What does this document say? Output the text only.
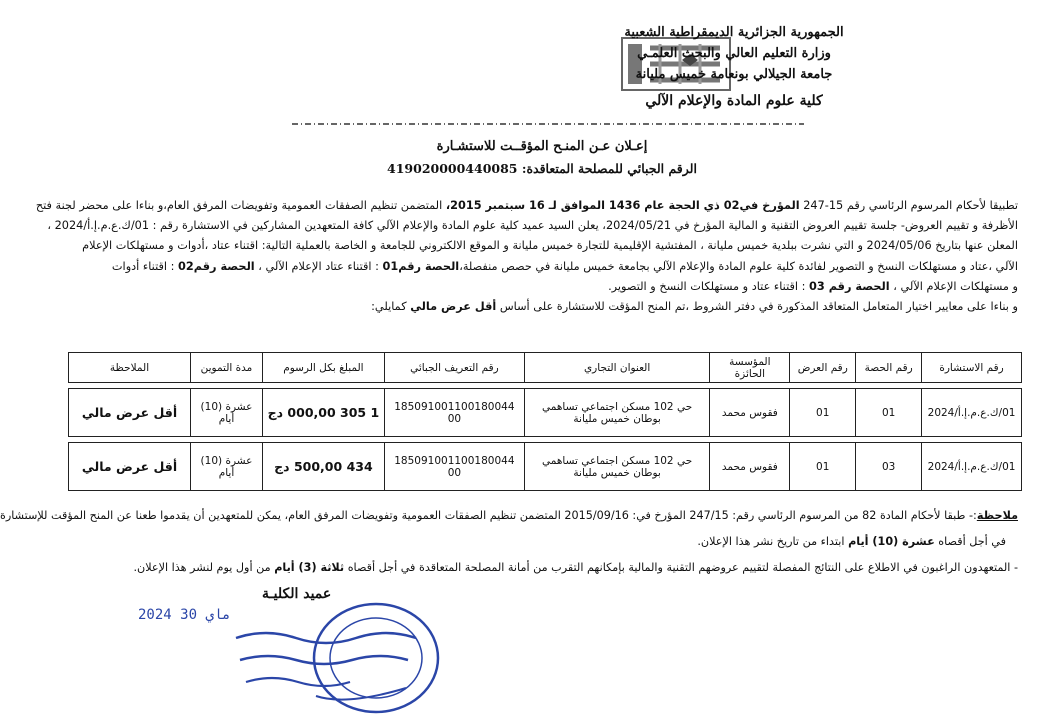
الجمهورية الجزائرية الديمقراطية الشعبية
وزارة التعليم العالي والبحث العلمـي
جامعة الجيلالي بونعامة خميس مليانة
كلية علوم المادة والإعلام الآلي
إعـلان عـن المنـح المؤقــت للاستشـارة
الرقم الجبائي للمصلحة المتعاقدة: 419020000440085

تطبيقا لأحكام المرسوم الرئاسي رقم 15-247 المؤرخ في02 ذي الحجة عام 1436 الموافق لـ 16 سبتمبر 2015، المتضمن تنظيم الصفقات العمومية وتفويضات المرفق العام،و بناءا على محضر لجنة فتح

الأظرفة و تقييم العروض- جلسة تقييم العروض التقنية و المالية المؤرخ في 2024/05/21، يعلن السيد عميد كلية علوم المادة والإعلام الآلي كافة المتعهدين المشاركين في الاستشارة رقم : 01/ك.ع.م.إ.أ/2024 ،

المعلن عنها بتاريخ 2024/05/06 و التي نشرت ببلدية خميس مليانة ، المفتشية الإقليمية للتجارة خميس مليانة و الموقع الالكتروني للجامعة و الخاصة بالعملية التالية: اقتناء عتاد ،أدوات و مستهلكات الإعلام

الآلي ،عتاد و مستهلكات النسخ و التصوير لفائدة كلية علوم المادة والإعلام الآلي بجامعة خميس مليانة في حصص منفصلة،الحصة رقم01 : اقتناء عتاد الإعلام الآلي ، الحصة رقم02 : اقتناء أدوات

و مستهلكات الإعلام الآلي ، الحصة رقم 03 : اقتناء عتاد و مستهلكات النسخ و التصوير.

و بناءا على معايير اختيار المتعامل المتعاقد المذكورة في دفتر الشروط ،تم المنح المؤقت للاستشارة على أساس أقل عرض مالي كمايلي:

رقم الاستشارة	رقم الحصة	رقم العرض	المؤسسة الحائزة	العنوان التجاري	رقم التعريف الجبائي	المبلغ بكل الرسوم	مدة التموين	الملاحظة

01/ك.ع.م.إ.أ/2024	01	01	فقوس محمد	حي 102 مسكن اجتماعي تساهمي بوطان خميس مليانة	185091001100180044​00	1 305 000,00 دج	عشرة (10) أيام	أقل عرض مالي

01/ك.ع.م.إ.أ/2024	03	01	فقوس محمد	حي 102 مسكن اجتماعي تساهمي بوطان خميس مليانة	185091001100180044​00	434 500,00 دج	عشرة (10) أيام	أقل عرض مالي

ملاحظة:- طبقا لأحكام المادة 82 من المرسوم الرئاسي رقم: 247/15 المؤرخ في: 2015/09/16 المتضمن تنظيم الصفقات العمومية وتفويضات المرفق العام، يمكن للمتعهدين أن يقدموا طعنا عن المنح المؤقت للإستشارة

في أجل أقصاه عشرة (10) أيام ابتداء من تاريخ نشر هذا الإعلان.

- المتعهدون الراغبون في الاطلاع على النتائج المفصلة لتقييم عروضهم التقنية والمالية بإمكانهم التقرب من أمانة المصلحة المتعاقدة في أجل أقصاه ثلاثة (3) أيام من أول يوم لنشر هذا الإعلان.

عميد الكليـة
2024 ماي 30
